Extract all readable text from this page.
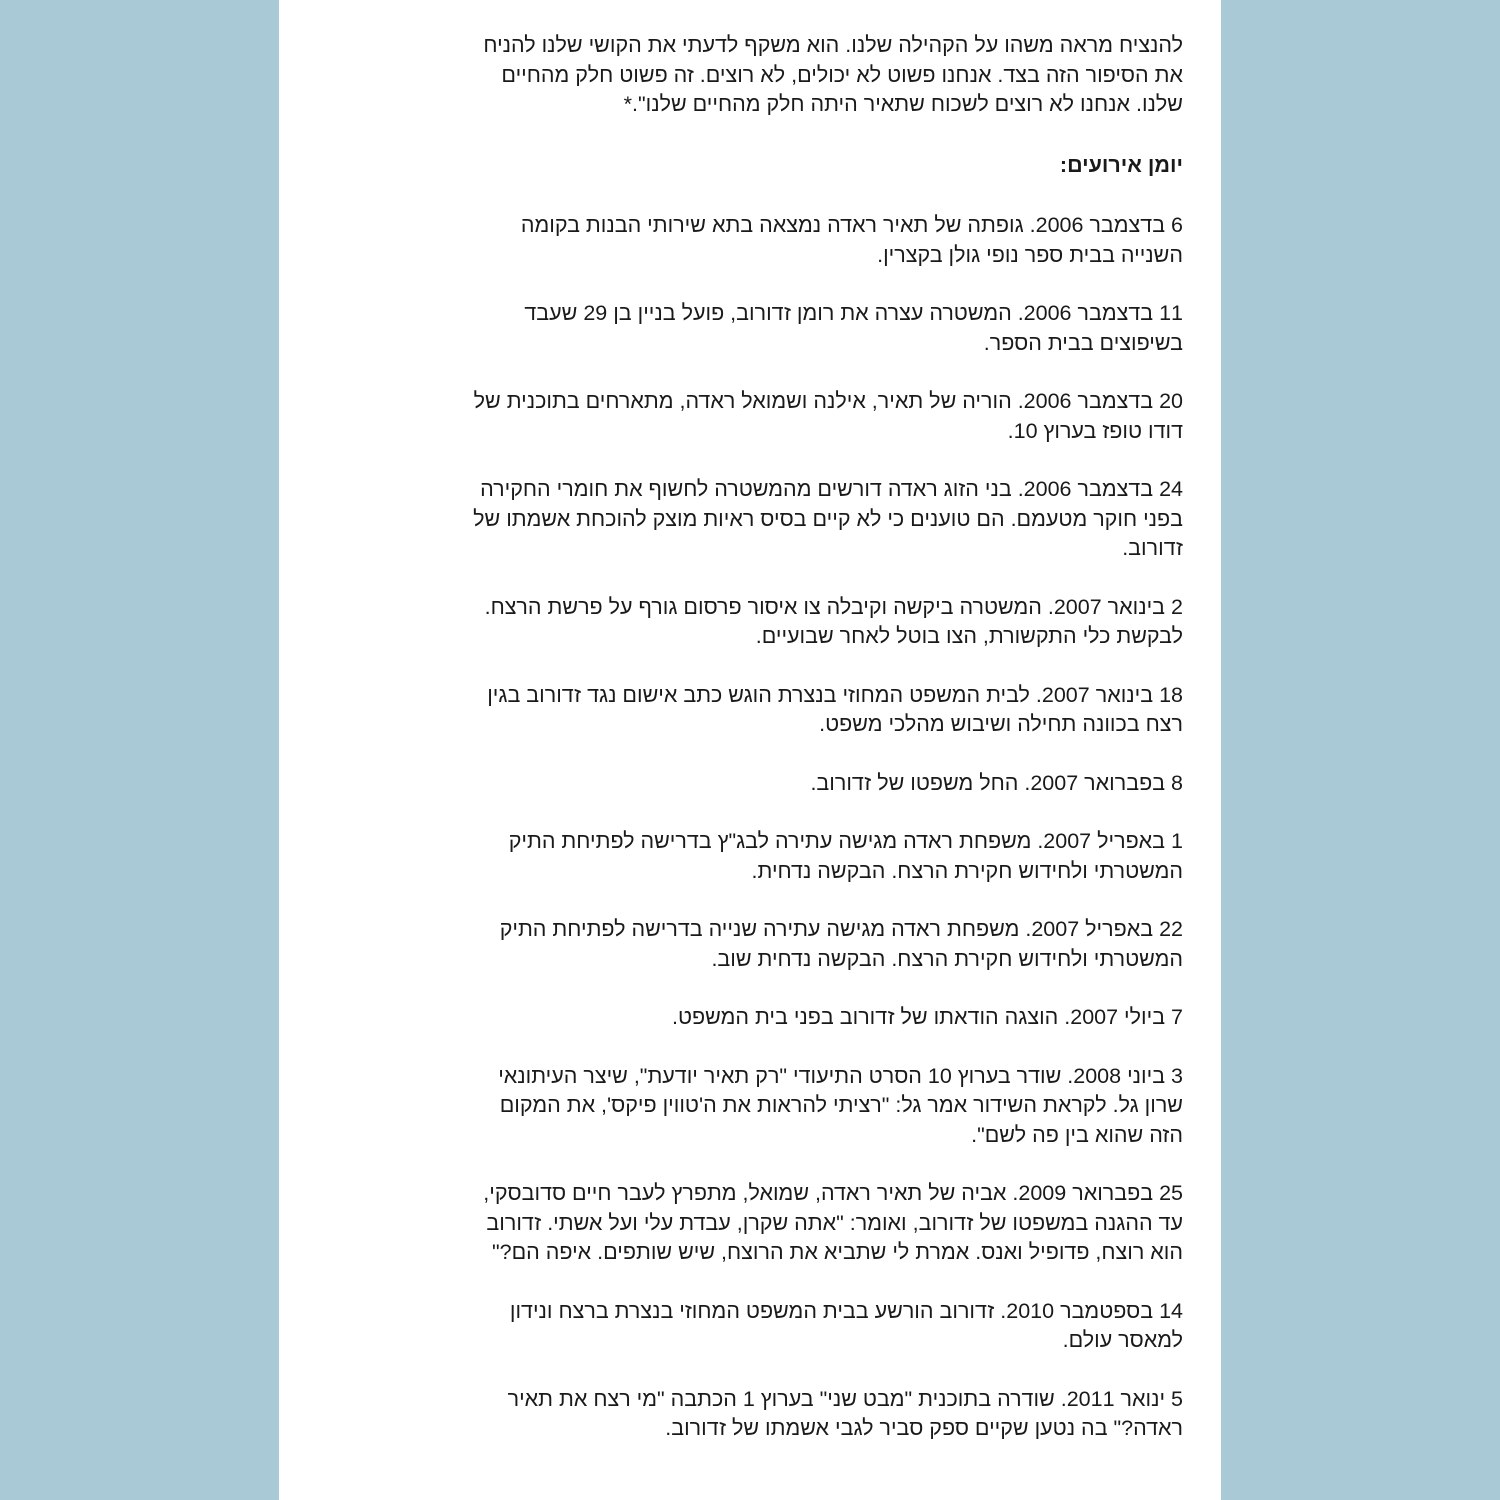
להנציח מראה משהו על הקהילה שלנו. הוא משקף לדעתי את הקושי שלנו להניח
את הסיפור הזה בצד. אנחנו פשוט לא יכולים, לא רוצים. זה פשוט חלק מהחיים
שלנו. אנחנו לא רוצים לשכוח שתאיר היתה חלק מהחיים שלנו".*
יומן אירועים:
6 בדצמבר 2006. גופתה של תאיר ראדה נמצאה בתא שירותי הבנות בקומה
השנייה בבית ספר נופי גולן בקצרין.
11 בדצמבר 2006. המשטרה עצרה את רומן זדורוב, פועל בניין בן 29 שעבד
בשיפוצים בבית הספר.
20 בדצמבר 2006. הוריה של תאיר, אילנה ושמואל ראדה, מתארחים בתוכנית של
דודו טופז בערוץ 10.
24 בדצמבר 2006. בני הזוג ראדה דורשים מהמשטרה לחשוף את חומרי החקירה
בפני חוקר מטעמם. הם טוענים כי לא קיים בסיס ראיות מוצק להוכחת אשמתו של
זדורוב.
2 בינואר 2007. המשטרה ביקשה וקיבלה צו איסור פרסום גורף על פרשת הרצח.
לבקשת כלי התקשורת, הצו בוטל לאחר שבועיים.
18 בינואר 2007. לבית המשפט המחוזי בנצרת הוגש כתב אישום נגד זדורוב בגין
רצח בכוונה תחילה ושיבוש מהלכי משפט.
8 בפברואר 2007. החל משפטו של זדורוב.
1 באפריל 2007. משפחת ראדה מגישה עתירה לבג"ץ בדרישה לפתיחת התיק
המשטרתי ולחידוש חקירת הרצח. הבקשה נדחית.
22 באפריל 2007. משפחת ראדה מגישה עתירה שנייה בדרישה לפתיחת התיק
המשטרתי ולחידוש חקירת הרצח. הבקשה נדחית שוב.
7 ביולי 2007. הוצגה הודאתו של זדורוב בפני בית המשפט.
3 ביוני 2008. שודר בערוץ 10 הסרט התיעודי "רק תאיר יודעת", שיצר העיתונאי
שרון גל. לקראת השידור אמר גל: "רציתי להראות את ה'טווין פיקס', את המקום
הזה שהוא בין פה לשם".
25 בפברואר 2009. אביה של תאיר ראדה, שמואל, מתפרץ לעבר חיים סדובסקי,
עד ההגנה במשפטו של זדורוב, ואומר: "אתה שקרן, עבדת עלי ועל אשתי. זדורוב
הוא רוצח, פדופיל ואנס. אמרת לי שתביא את הרוצח, שיש שותפים. איפה הם?"
14 בספטמבר 2010. זדורוב הורשע בבית המשפט המחוזי בנצרת ברצח ונידון
למאסר עולם.
5 ינואר 2011. שודרה בתוכנית "מבט שני" בערוץ 1 הכתבה "מי רצח את תאיר
ראדה?" בה נטען שקיים ספק סביר לגבי אשמתו של זדורוב.
